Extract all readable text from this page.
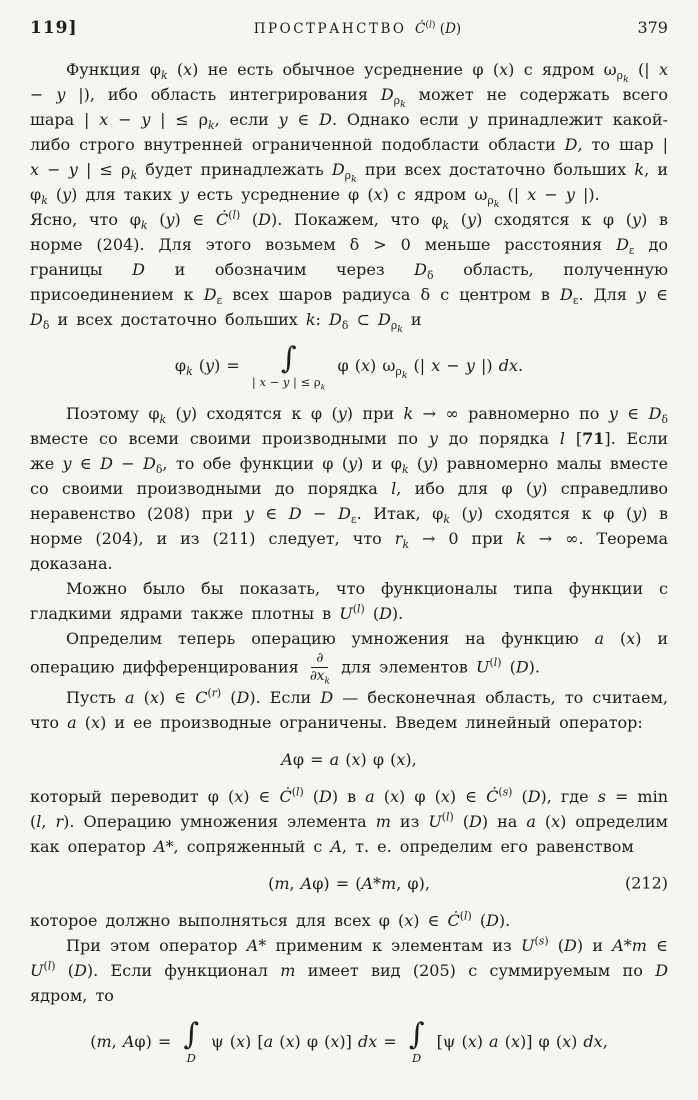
119]	ПРОСТРАНСТВО $Ċ^{(l)}$ (D)	379

Функция $\varphi_k$ (x) не есть обычное усреднение φ (x) с ядром $\omega_{\rho_k}$ (| x − y |), ибо область интегрирования $D_{\rho_k}$ может не содержать всего шара | x − y | ≤ $\rho_k$, если y ∈ D. Однако если y принадлежит какой-либо строго внутренней ограниченной подобласти области D, то шар | x − y | ≤ $\rho_k$ будет принадлежать $D_{\rho_k}$ при всех достаточно больших k, и $\varphi_k$ (y) для таких y есть усреднение φ (x) с ядром $\omega_{\rho_k}$ (| x − y |).

Ясно, что $\varphi_k$ (y) ∈ $Ċ^{(l)}$ (D). Покажем, что $\varphi_k$ (y) сходятся к φ (y) в норме (204). Для этого возьмем δ > 0 меньше расстояния $D_\varepsilon$ до границы D и обозначим через $D_\delta$ область, полученную присоединением к $D_\varepsilon$ всех шаров радиуса δ с центром в $D_\varepsilon$. Для y ∈ $D_\delta$ и всех достаточно больших k: $D_\delta$ ⊂ $D_{\rho_k}$ и

$\varphi_k$ (y) = ∫
| x − y | ≤ $\rho_k$
φ (x) $\omega_{\rho_k}$ (| x − y |) dx.

Поэтому $\varphi_k$ (y) сходятся к φ (y) при k → ∞ равномерно по y ∈ $D_\delta$ вместе со всеми своими производными по y до порядка l [71]. Если же y ∈ $D - D_\delta$, то обе функции φ (y) и $\varphi_k$ (y) равномерно малы вместе со своими производными до порядка l, ибо для φ (y) справедливо неравенство (208) при y ∈ $D - D_\varepsilon$. Итак, $\varphi_k$ (y) сходятся к φ (y) в норме (204), и из (211) следует, что $r_k \to 0$ при k → ∞. Теорема доказана.

Можно было бы показать, что функционалы типа функции с гладкими ядрами также плотны в $U^{(l)}$ (D).

Определим теперь операцию умножения на функцию a (x) и операцию дифференцирования $\frac{\partial}{\partial x_k}$ для элементов $U^{(l)}$ (D).

Пусть a (x) ∈ $C^{(r)}$ (D). Если D — бесконечная область, то считаем, что a (x) и ее производные ограничены. Введем линейный оператор:

Aφ = a (x) φ (x),

который переводит φ (x) ∈ $Ċ^{(l)}$ (D) в a (x) φ (x) ∈ $Ċ^{(s)}$ (D), где s = min (l, r). Операцию умножения элемента m из $U^{(l)}$ (D) на a (x) определим как оператор A*, сопряженный с A, т. е. определим его равенством

(m, Aφ) = (A*m, φ),	(212)

которое должно выполняться для всех φ (x) ∈ $Ċ^{(l)}$ (D).

При этом оператор A* применим к элементам из $U^{(s)}$ (D) и A*m ∈ $U^{(l)}$ (D). Если функционал m имеет вид (205) с суммируемым по D ядром, то

(m, Aφ) = ∫
D
ψ (x) [a (x) φ (x)] dx = ∫
D
[ψ (x) a (x)] φ (x) dx,
